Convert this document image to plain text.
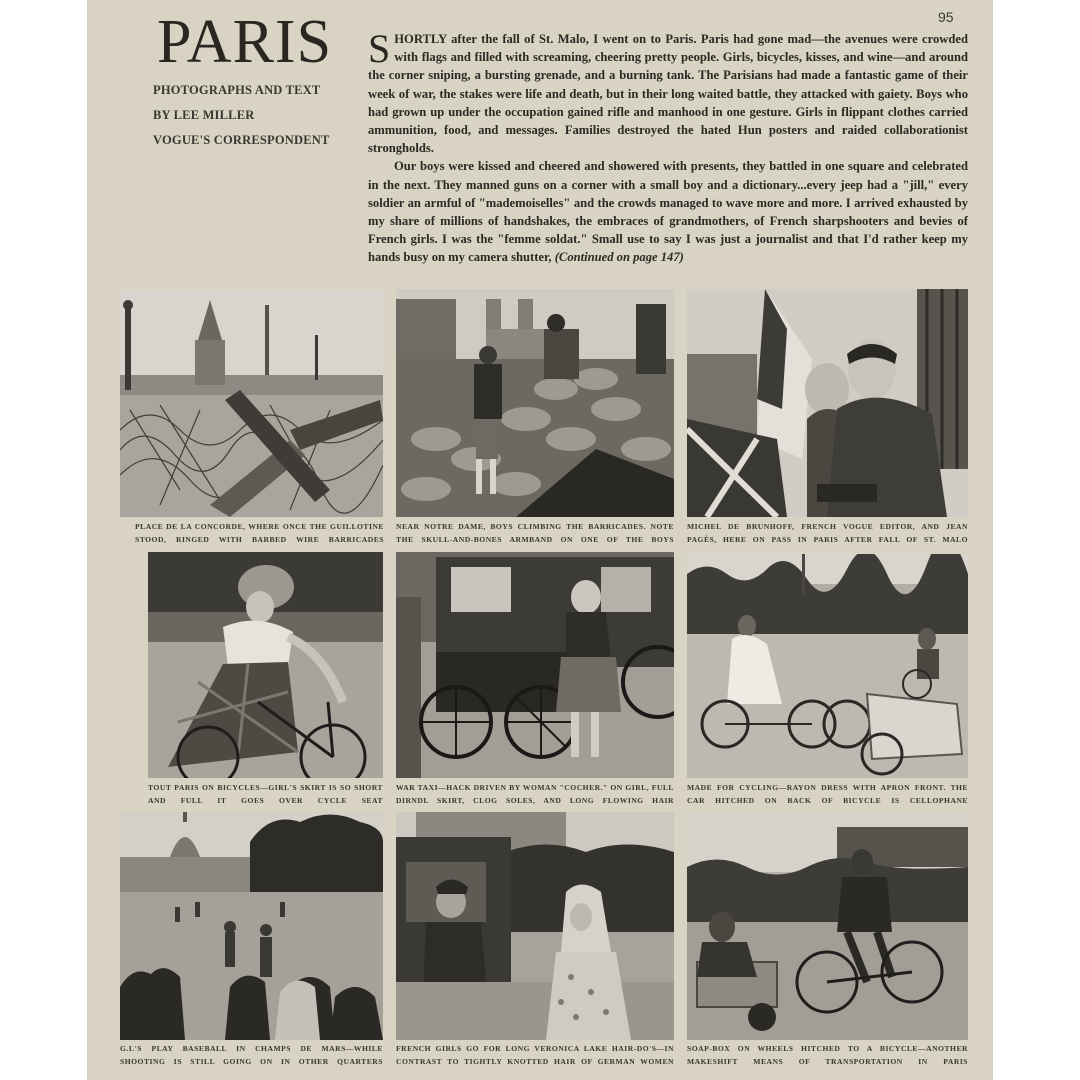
PARIS
PHOTOGRAPHS AND TEXT
BY LEE MILLER
VOGUE'S CORRESPONDENT
95

SHORTLY after the fall of St. Malo, I went on to Paris. Paris had gone mad—the avenues were crowded with flags and filled with screaming, cheering pretty people. Girls, bicycles, kisses, and wine—and around the corner sniping, a bursting grenade, and a burning tank. The Parisians had made a fantastic game of their week of war, the stakes were life and death, but in their long waited battle, they attacked with gaiety. Boys who had grown up under the occupation gained rifle and manhood in one gesture. Girls in flippant clothes carried ammunition, food, and messages. Families destroyed the hated Hun posters and raided collaborationist strongholds.

Our boys were kissed and cheered and showered with presents, they battled in one square and celebrated in the next. They manned guns on a corner with a small boy and a dictionary...every jeep had a "jill," every soldier an armful of "mademoiselles" and the crowds managed to wave more and more. I arrived exhausted by my share of millions of handshakes, the embraces of grandmothers, of French sharpshooters and bevies of French girls. I was the "femme soldat." Small use to say I was just a journalist and that I'd rather keep my hands busy on my camera shutter, (Continued on page 147)

PLACE DE LA CONCORDE, WHERE ONCE THE GUILLOTINE STOOD, RINGED WITH BARBED WIRE BARRICADES
NEAR NOTRE DAME, BOYS CLIMBING THE BARRICADES. NOTE THE SKULL-AND-BONES ARMBAND ON ONE OF THE BOYS
MICHEL DE BRUNHOFF, FRENCH VOGUE EDITOR, AND JEAN PAGÈS, HERE ON PASS IN PARIS AFTER FALL OF ST. MALO
TOUT PARIS ON BICYCLES—GIRL'S SKIRT IS SO SHORT AND FULL IT GOES OVER CYCLE SEAT
WAR TAXI—HACK DRIVEN BY WOMAN "COCHER." ON GIRL, FULL DIRNDL SKIRT, CLOG SOLES, AND LONG FLOWING HAIR
MADE FOR CYCLING—RAYON DRESS WITH APRON FRONT. THE CAR HITCHED ON BACK OF BICYCLE IS CELLOPHANE
G.I.'S PLAY BASEBALL IN CHAMPS DE MARS—WHILE SHOOTING IS STILL GOING ON IN OTHER QUARTERS
FRENCH GIRLS GO FOR LONG VERONICA LAKE HAIR-DO'S—IN CONTRAST TO TIGHTLY KNOTTED HAIR OF GERMAN WOMEN
SOAP-BOX ON WHEELS HITCHED TO A BICYCLE—ANOTHER MAKESHIFT MEANS OF TRANSPORTATION IN PARIS
